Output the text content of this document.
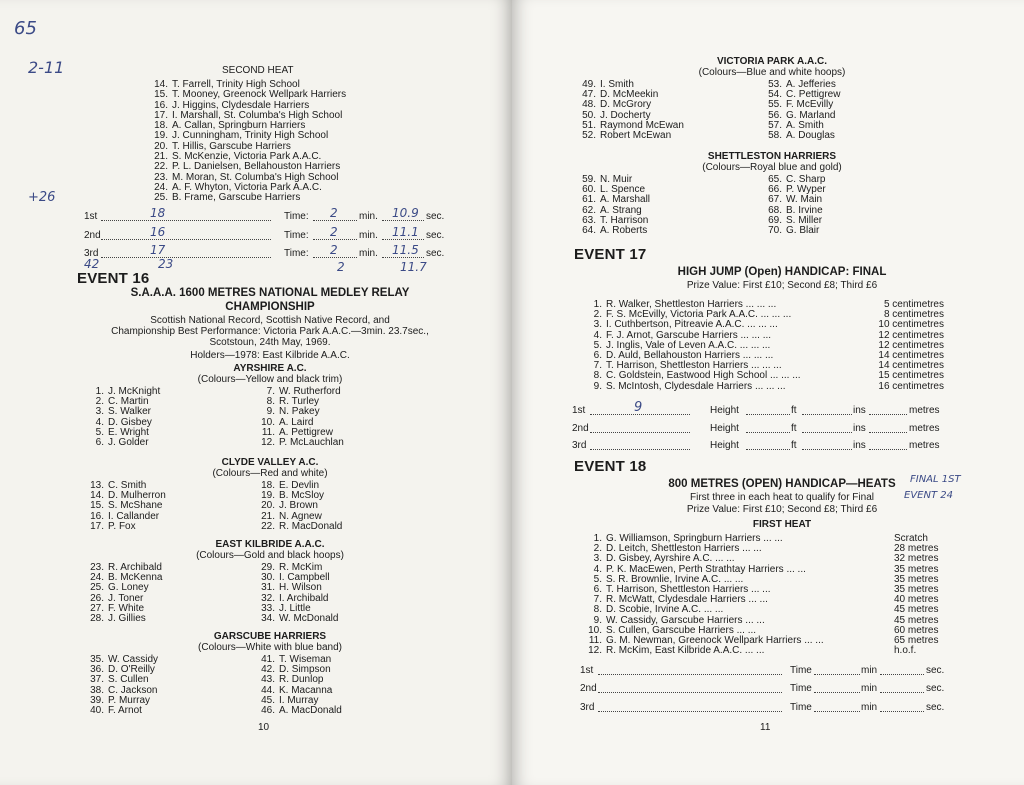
65
2-11
+26
SECOND HEAT
14. T. Farrell, Trinity High School
15. T. Mooney, Greenock Wellpark Harriers
16. J. Higgins, Clydesdale Harriers
17. I. Marshall, St. Columba's High School
18. A. Callan, Springburn Harriers
19. J. Cunningham, Trinity High School
20. T. Hillis, Garscube Harriers
21. S. McKenzie, Victoria Park A.A.C.
22. P. L. Danielsen, Bellahouston Harriers
23. M. Moran, St. Columba's High School
24. A. F. Whyton, Victoria Park A.A.C.
25. B. Frame, Garscube Harriers
1st	18	Time: 2 min. 10.9 sec.
2nd	16	Time: 2 min. 11.1 sec.
3rd	17	Time: 2 min. 11.5 sec.
42	23	2	11.7
EVENT 16
S.A.A.A. 1600 METRES NATIONAL MEDLEY RELAY
CHAMPIONSHIP
Scottish National Record, Scottish Native Record, and
Championship Best Performance: Victoria Park A.A.C.—3min. 23.7sec.,
Scotstoun, 24th May, 1969.
Holders—1978: East Kilbride A.A.C.
AYRSHIRE A.C.
(Colours—Yellow and black trim)
1. J. McKnight
2. C. Martin
3. S. Walker
4. D. Gisbey
5. E. Wright
6. J. Golder
7. W. Rutherford
8. R. Turley
9. N. Pakey
10. A. Laird
11. A. Pettigrew
12. P. McLauchlan
CLYDE VALLEY A.C.
(Colours—Red and white)
13. C. Smith
14. D. Mulherron
15. S. McShane
16. I. Callander
17. P. Fox
18. E. Devlin
19. B. McSloy
20. J. Brown
21. N. Agnew
22. R. MacDonald
EAST KILBRIDE A.A.C.
(Colours—Gold and black hoops)
23. R. Archibald
24. B. McKenna
25. G. Loney
26. J. Toner
27. F. White
28. J. Gillies
29. R. McKim
30. I. Campbell
31. H. Wilson
32. I. Archibald
33. J. Little
34. W. McDonald
GARSCUBE HARRIERS
(Colours—White with blue band)
35. W. Cassidy
36. D. O'Reilly
37. S. Cullen
38. C. Jackson
39. P. Murray
40. F. Arnot
41. T. Wiseman
42. D. Simpson
43. R. Dunlop
44. K. Macanna
45. I. Murray
46. A. MacDonald
10
VICTORIA PARK A.A.C.
(Colours—Blue and white hoops)
49. I. Smith
47. D. McMeekin
48. D. McGrory
50. J. Docherty
51. Raymond McEwan
52. Robert McEwan
53. A. Jefferies
54. C. Pettigrew
55. F. McEvilly
56. G. Marland
57. A. Smith
58. A. Douglas
SHETTLESTON HARRIERS
(Colours—Royal blue and gold)
59. N. Muir
60. L. Spence
61. A. Marshall
62. A. Strang
63. T. Harrison
64. A. Roberts
65. C. Sharp
66. P. Wyper
67. W. Main
68. B. Irvine
69. S. Miller
70. G. Blair
EVENT 17
HIGH JUMP (Open) HANDICAP: FINAL
Prize Value: First £10; Second £8; Third £6
1. R. Walker, Shettleston Harriers ... ... ...	5 centimetres
2. F. S. McEvilly, Victoria Park A.A.C. ... ... ...	8 centimetres
3. I. Cuthbertson, Pitreavie A.A.C. ... ... ...	10 centimetres
4. F. J. Arnot, Garscube Harriers ... ... ...	12 centimetres
5. J. Inglis, Vale of Leven A.A.C. ... ... ...	12 centimetres
6. D. Auld, Bellahouston Harriers ... ... ...	14 centimetres
7. T. Harrison, Shettleston Harriers ... ... ...	14 centimetres
8. C. Goldstein, Eastwood High School ... ... ...	15 centimetres
9. S. McIntosh, Clydesdale Harriers ... ... ...	16 centimetres
1st	9	Height	ft	ins	metres
2nd	Height	ft	ins	metres
3rd	Height	ft	ins	metres
EVENT 18
800 METRES (OPEN) HANDICAP—HEATS	FINAL 1ST
EVENT 24
First three in each heat to qualify for Final
Prize Value: First £10; Second £8; Third £6
FIRST HEAT
1. G. Williamson, Springburn Harriers ... ...	Scratch
2. D. Leitch, Shettleston Harriers ... ...	28 metres
3. D. Gisbey, Ayrshire A.C. ... ...	32 metres
4. P. K. MacEwen, Perth Strathtay Harriers ... ...	35 metres
5. S. R. Brownlie, Irvine A.C. ... ...	35 metres
6. T. Harrison, Shettleston Harriers ... ...	35 metres
7. R. McWatt, Clydesdale Harriers ... ...	40 metres
8. D. Scobie, Irvine A.C. ... ...	45 metres
9. W. Cassidy, Garscube Harriers ... ...	45 metres
10. S. Cullen, Garscube Harriers ... ...	60 metres
11. G. M. Newman, Greenock Wellpark Harriers ... ...	65 metres
12. R. McKim, East Kilbride A.A.C. ... ...	h.o.f.
1st	Time	min	sec.
2nd	Time	min	sec.
3rd	Time	min	sec.
11
